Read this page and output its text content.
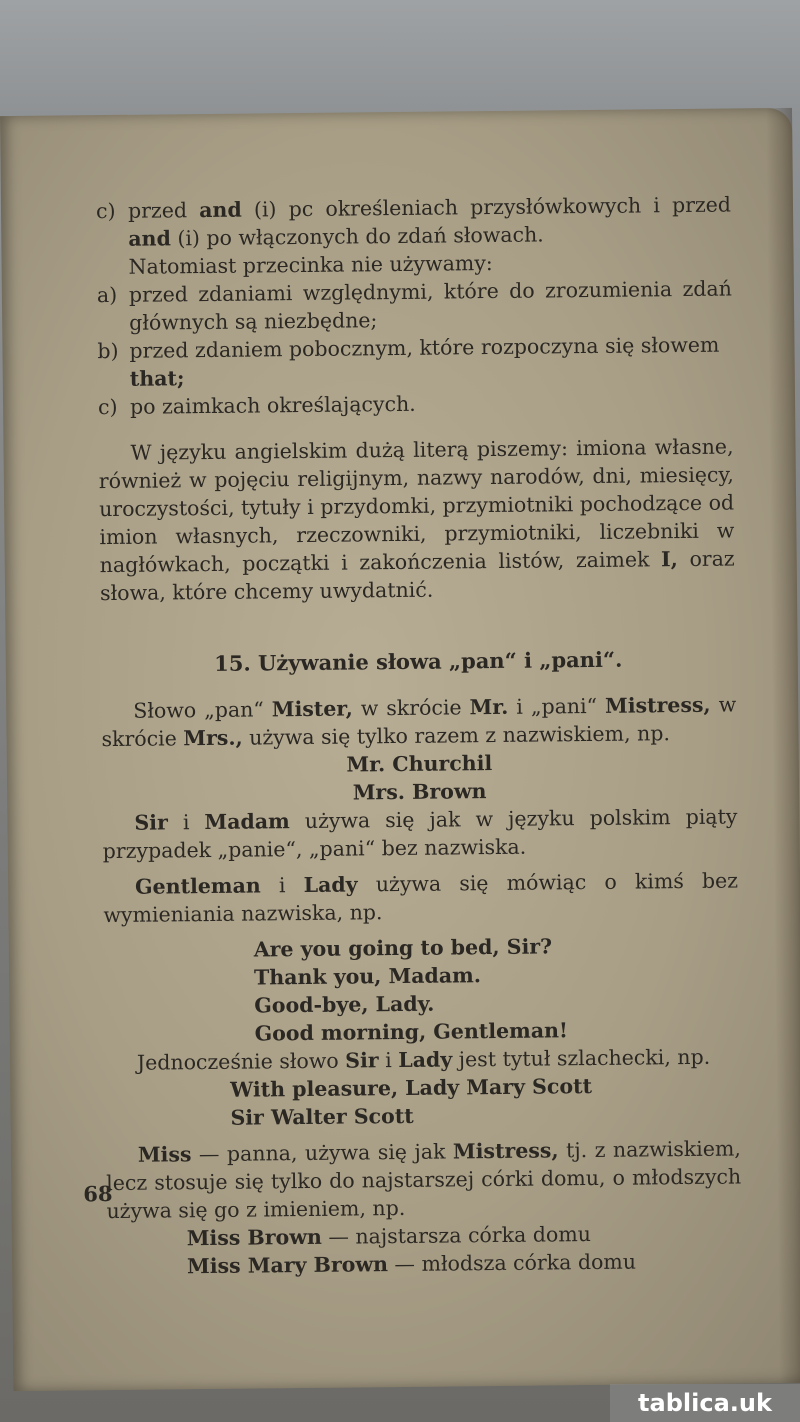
c) przed and (i) pc określeniach przysłówkowych i przed and (i) po włączonych do zdań słowach.

Natomiast przecinka nie używamy:

a) przed zdaniami względnymi, które do zrozumienia zdań głównych są niezbędne;

b) przed zdaniem pobocznym, które rozpoczyna się słowem
that;

c) po zaimkach określających.

W języku angielskim dużą literą piszemy: imiona własne, również w pojęciu religijnym, nazwy narodów, dni, miesięcy, uroczystości, tytuły i przydomki, przymiotniki pochodzące od imion własnych, rzeczowniki, przymiotniki, liczebniki w nagłówkach, początki i zakończenia listów, zaimek I, oraz słowa, które chcemy uwydatnić.

15. Używanie słowa „pan“ i „pani“.

Słowo „pan“ Mister, w skrócie Mr. i „pani“ Mistress, w skrócie Mrs., używa się tylko razem z nazwiskiem, np.

Mr. Churchil

Mrs. Brown

Sir i Madam używa się jak w języku polskim piąty przypadek „panie“, „pani“ bez nazwiska.

Gentleman i Lady używa się mówiąc o kimś bez wymieniania nazwiska, np.

Are you going to bed, Sir?

Thank you, Madam.

Good-bye, Lady.

Good morning, Gentleman!

Jednocześnie słowo Sir i Lady jest tytuł szlachecki, np.

With pleasure, Lady Mary Scott

Sir Walter Scott

Miss — panna, używa się jak Mistress, tj. z nazwiskiem, lecz stosuje się tylko do najstarszej córki domu, o młodszych używa się go z imieniem, np.

Miss Brown — najstarsza córka domu

Miss Mary Brown — młodsza córka domu

68
tablica.uk
